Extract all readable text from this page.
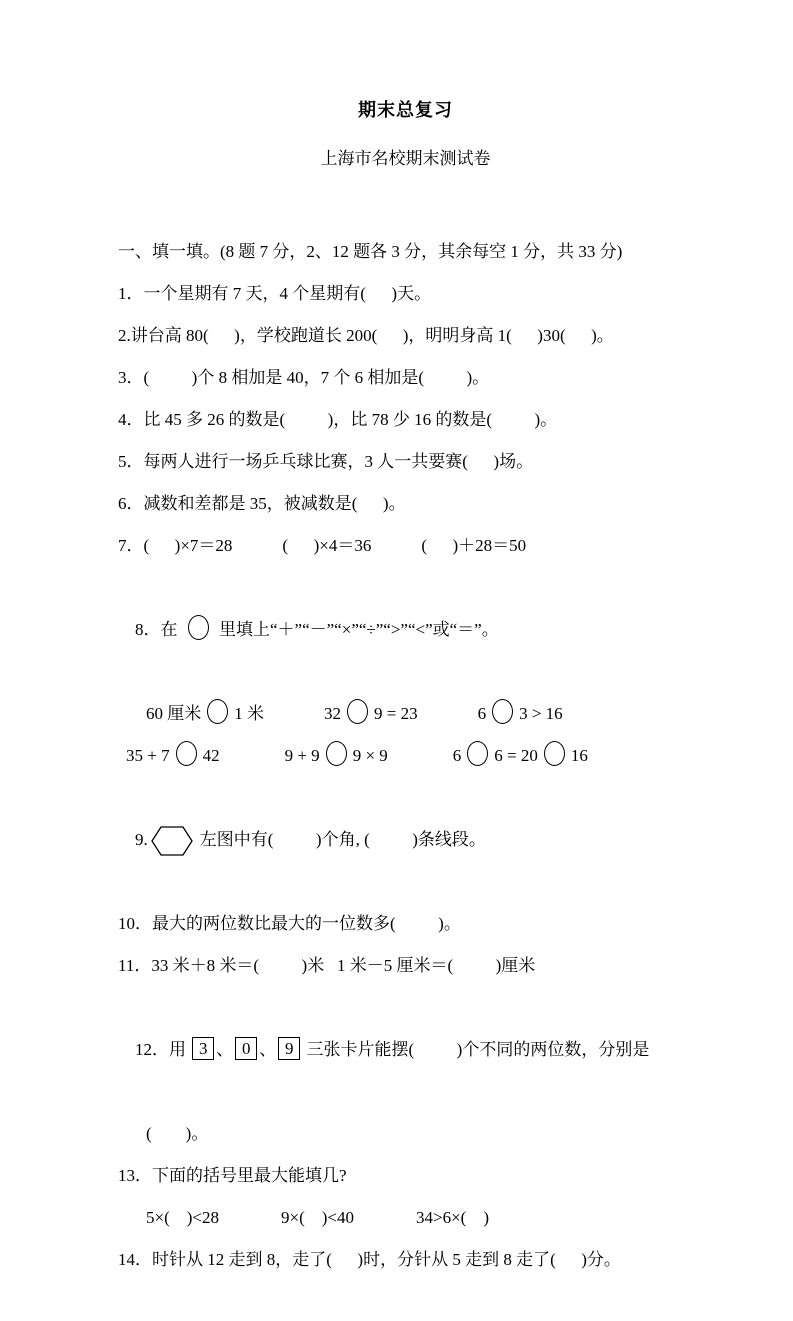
期末总复习
上海市名校期末测试卷
一、填一填。(8 题 7 分，2、12 题各 3 分，其余每空 1 分，共 33 分)
1．一个星期有 7 天，4 个星期有(      )天。
2.讲台高 80(      )，学校跑道长 200(      )，明明身高 1(      )30(      )。
3．(          )个 8 相加是 40，7 个 6 相加是(          )。
4．比 45 多 26 的数是(          )，比 78 少 16 的数是(          )。
5．每两人进行一场乒乓球比赛，3 人一共要赛(      )场。
6．减数和差都是 35，被减数是(      )。
7．(      )×7＝28	(      )×4＝36	(      )＋28＝50

8．在  里填上“＋”“－”“×”“÷”“>”“<”或“＝”。

60 厘米 1 米	32 9 = 23	6 3 > 16
35 + 7 42	9 + 9 9 × 9	6 6 = 20 16

9.	左图中有(          )个角, (          )条线段。

10．最大的两位数比最大的一位数多(          )。
11．33 米＋8 米＝(          )米   1 米－5 厘米＝(          )厘米

12．用 3 、 0 、 9 三张卡片能摆(          )个不同的两位数，分别是

(        )。
13．下面的括号里最大能填几?
5×(    )<28	9×(    )<40	34>6×(    )
14．时针从 12 走到 8，走了(      )时，分针从 5 走到 8 走了(      )分。
